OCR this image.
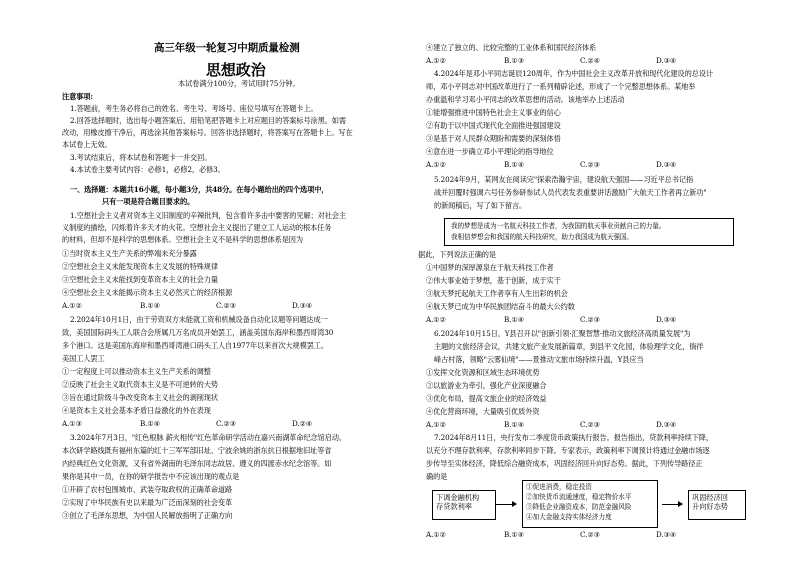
高三年级一轮复习中期质量检测
思想政治
本试卷满分100分，考试用时75分钟。
注意事项:
1.答题前，考生务必将自己的姓名、考生号、考场号、座位号填写在答题卡上。
2.回答选择题时，选出每小题答案后，用铅笔把答题卡上对应题目的答案标号涂黑。如需
改动，用橡皮擦干净后，再选涂其他答案标号。回答非选择题时，将答案写在答题卡上。写在
本试卷上无效。
3.考试结束后，将本试卷和答题卡一并交回。
4.本试卷主要考试内容：必修1，必修2，必修3。
一、选择题：本题共16小题，每小题3分，共48分。在每小题给出的四个选项中，
只有一项是符合题目要求的。
1.空想社会主义者对资本主义旧制度的辛辣批判，包含着许多击中要害的见解；对社会主
义制度的描绘，闪烁着许多天才的火花。空想社会主义提出了建立工人运动的根本任务
的材料，但却不是科学的思想体系。空想社会主义不是科学的思想体系是因为
①当时资本主义生产关系的弊端未充分暴露
②空想社会主义未能发现资本主义发展的特殊规律
③空想社会主义未能找到变革资本主义的社会力量
④空想社会主义未能揭示资本主义必然灭亡的经济根源
A.①②	B.①④	C.②③	D.③④
2.2024年10月1日，由于劳资双方未能就工资和机械设备自动化议题等问题达成一
致，美国国际码头工人联合会所属几万名成员开始罢工，涵盖美国东海岸和墨西哥湾30
多个港口。这是美国东海岸和墨西哥湾港口码头工人自1977年以来首次大规模罢工。
美国工人罢工
①一定程度上可以推动资本主义生产关系的调整
②反映了社会主义取代资本主义是不可逆转的大势
③旨在通过阶级斗争改变资本主义社会的剥削现状
④是资本主义社会基本矛盾日益激化的外在表现
A.①③	B.①④	C.②③	D.②④
3.2024年7月3日，"红色根脉 薪火相传"红色革命研学活动在嘉兴南湖革命纪念馆启动。
本次研学路线既有福州东篇的红十三军军部旧址、宁波余姚的浙东抗日根据地旧址等省
内经典红色文化资源，又有省外湖南的毛泽东同志故居、遵义的四渡赤水纪念馆等。如
果你是其中一员，在你的研学报告中不应该出现的观点是
①开辟了农村包围城市、武装夺取政权的正确革命道路
②实现了中华民族有史以来最为广泛而深刻的社会变革
③创立了毛泽东思想，为中国人民解放指明了正确方向
④建立了独立的、比较完整的工业体系和国民经济体系
A.①②	B.①③	C.②④	D.③④
4.2024年是邓小平同志诞辰120周年，作为中国社会主义改革开放和现代化建设的总设计
师，邓小平同志对中国改革进行了一系列精辟论述，形成了一个完整思想体系。某地举
办重温和学习邓小平同志的改革思想的活动。该地举办上述活动
①能增强推进中国特色社会主义事业的信心
②有助于以中国式现代化全面推进强国建设
③是基于对人民群众期盼和需要的深刻体悟
④意在进一步确立邓小平理论的指导地位
A.①②	B.①④	C.②③	D.③④
5.2024年9月，某网友在阅读完"探索浩瀚宇宙，建设航天强国——习近平总书记指
战并回覆时强调六号任务参研参试人员代表发表重要讲话激励广大航天工作者再立新功"
的新闻稿后，写了如下留言。
我的梦想是成为一名航天科技工作者，为我国的航天事业贡献自己的力量。
我相信梦想会和我国的航天科技研究，助力我国成为航天强国。
据此，下列说法正确的是
①中国梦的深厚源泉在于航天科技工作者
②伟大事业始于梦想，基于创新，成于实干
③航天梦托起航天工作者享有人生出彩的机会
④航天梦已成为中华民族团结奋斗的最大公约数
A.①②	B.①④	C.②③	D.③④
6.2024年10月15日，Y县召开以"创新引领·汇聚智慧·推动文旅经济高质量发展"为
主题的文旅经济会议，共建文旅产业发展新篇章，到县平文化园，体验理学文化，徜徉
峰古村落，领略"云雾仙境"——景推动文旅市场持续升温，Y县应当
①发挥文化资源和区域生态环境优势
②以旅游业为牵引，强化产业深度融合
③优化布局，提高文旅企业的经济效益
④优化营商环境，大量吸引优质外资
A.①②	B.①④	C.②③	D.③④
7.2024年8月11日，央行发布二季度货币政策执行报告。报告指出，贷款利率持续下降，
以充分不理存款利率，存款利率同步下降。专家表示，政策利率下调预计将通过金融市场逐
步传导至实体经济，降低综合融资成本，巩固经济回升向好态势。据此，下列传导路径正
确的是
下调金融机构
存贷款利率
①促进消费，稳定投资
②加快货币流通速度，稳定物价水平
③降低企业融资成本，防范金融风险
④加大金融支持实体经济力度
巩固经济回
升向好态势
A.①②	B.①④	C.②③	D.③④
